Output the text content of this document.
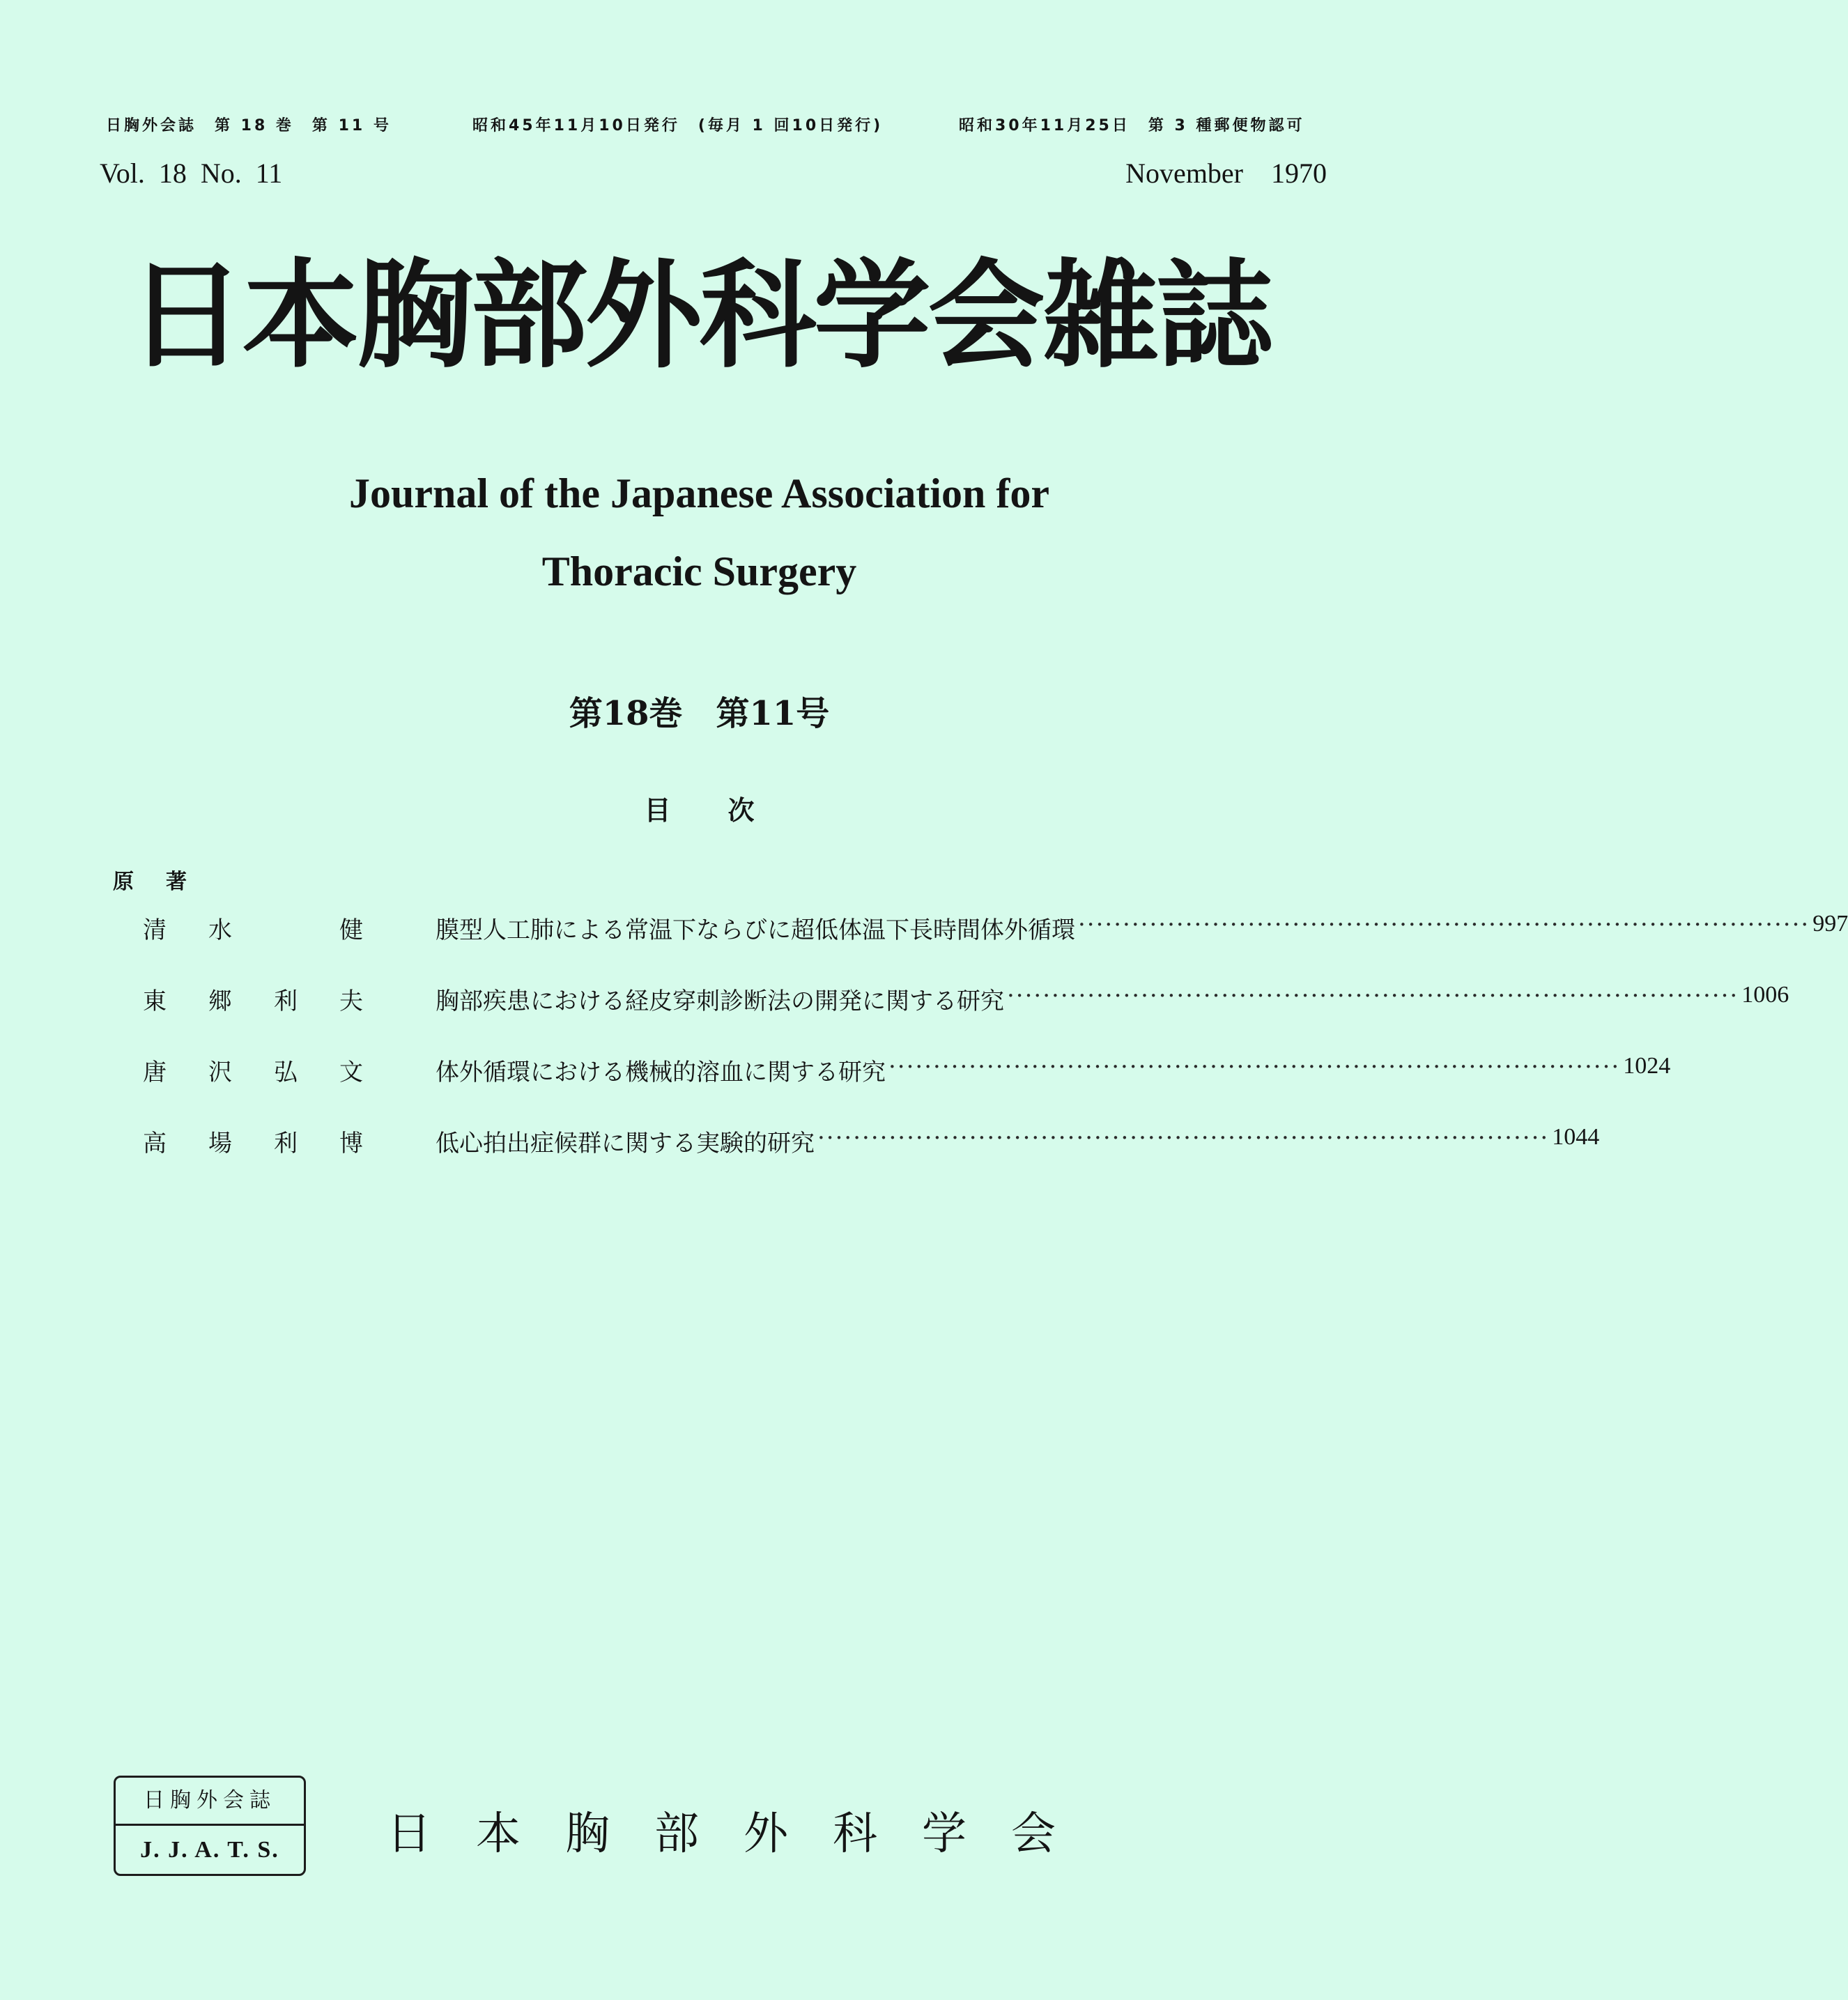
日胸外会誌　第 18 巻　第 11 号	昭和45年11月10日発行　(毎月 1 回10日発行)	昭和30年11月25日　第 3 種郵便物認可
Vol. 18 No. 11	November 1970
日本胸部外科学会雑誌
Journal of the Japanese Association for
Thoracic Surgery
第18巻　第11号
目次
原著
清	水	健	膜型人工肺による常温下ならびに超低体温下長時間体外循環 ·················································································· 997
東	郷	利	夫	胸部疾患における経皮穿刺診断法の開発に関する研究 ·················································································· 1006
唐	沢	弘	文	体外循環における機械的溶血に関する研究 ·················································································· 1024
高	場	利	博	低心拍出症候群に関する実験的研究 ·················································································· 1044
日胸外会誌
J. J. A. T. S.	日本胸部外科学会
